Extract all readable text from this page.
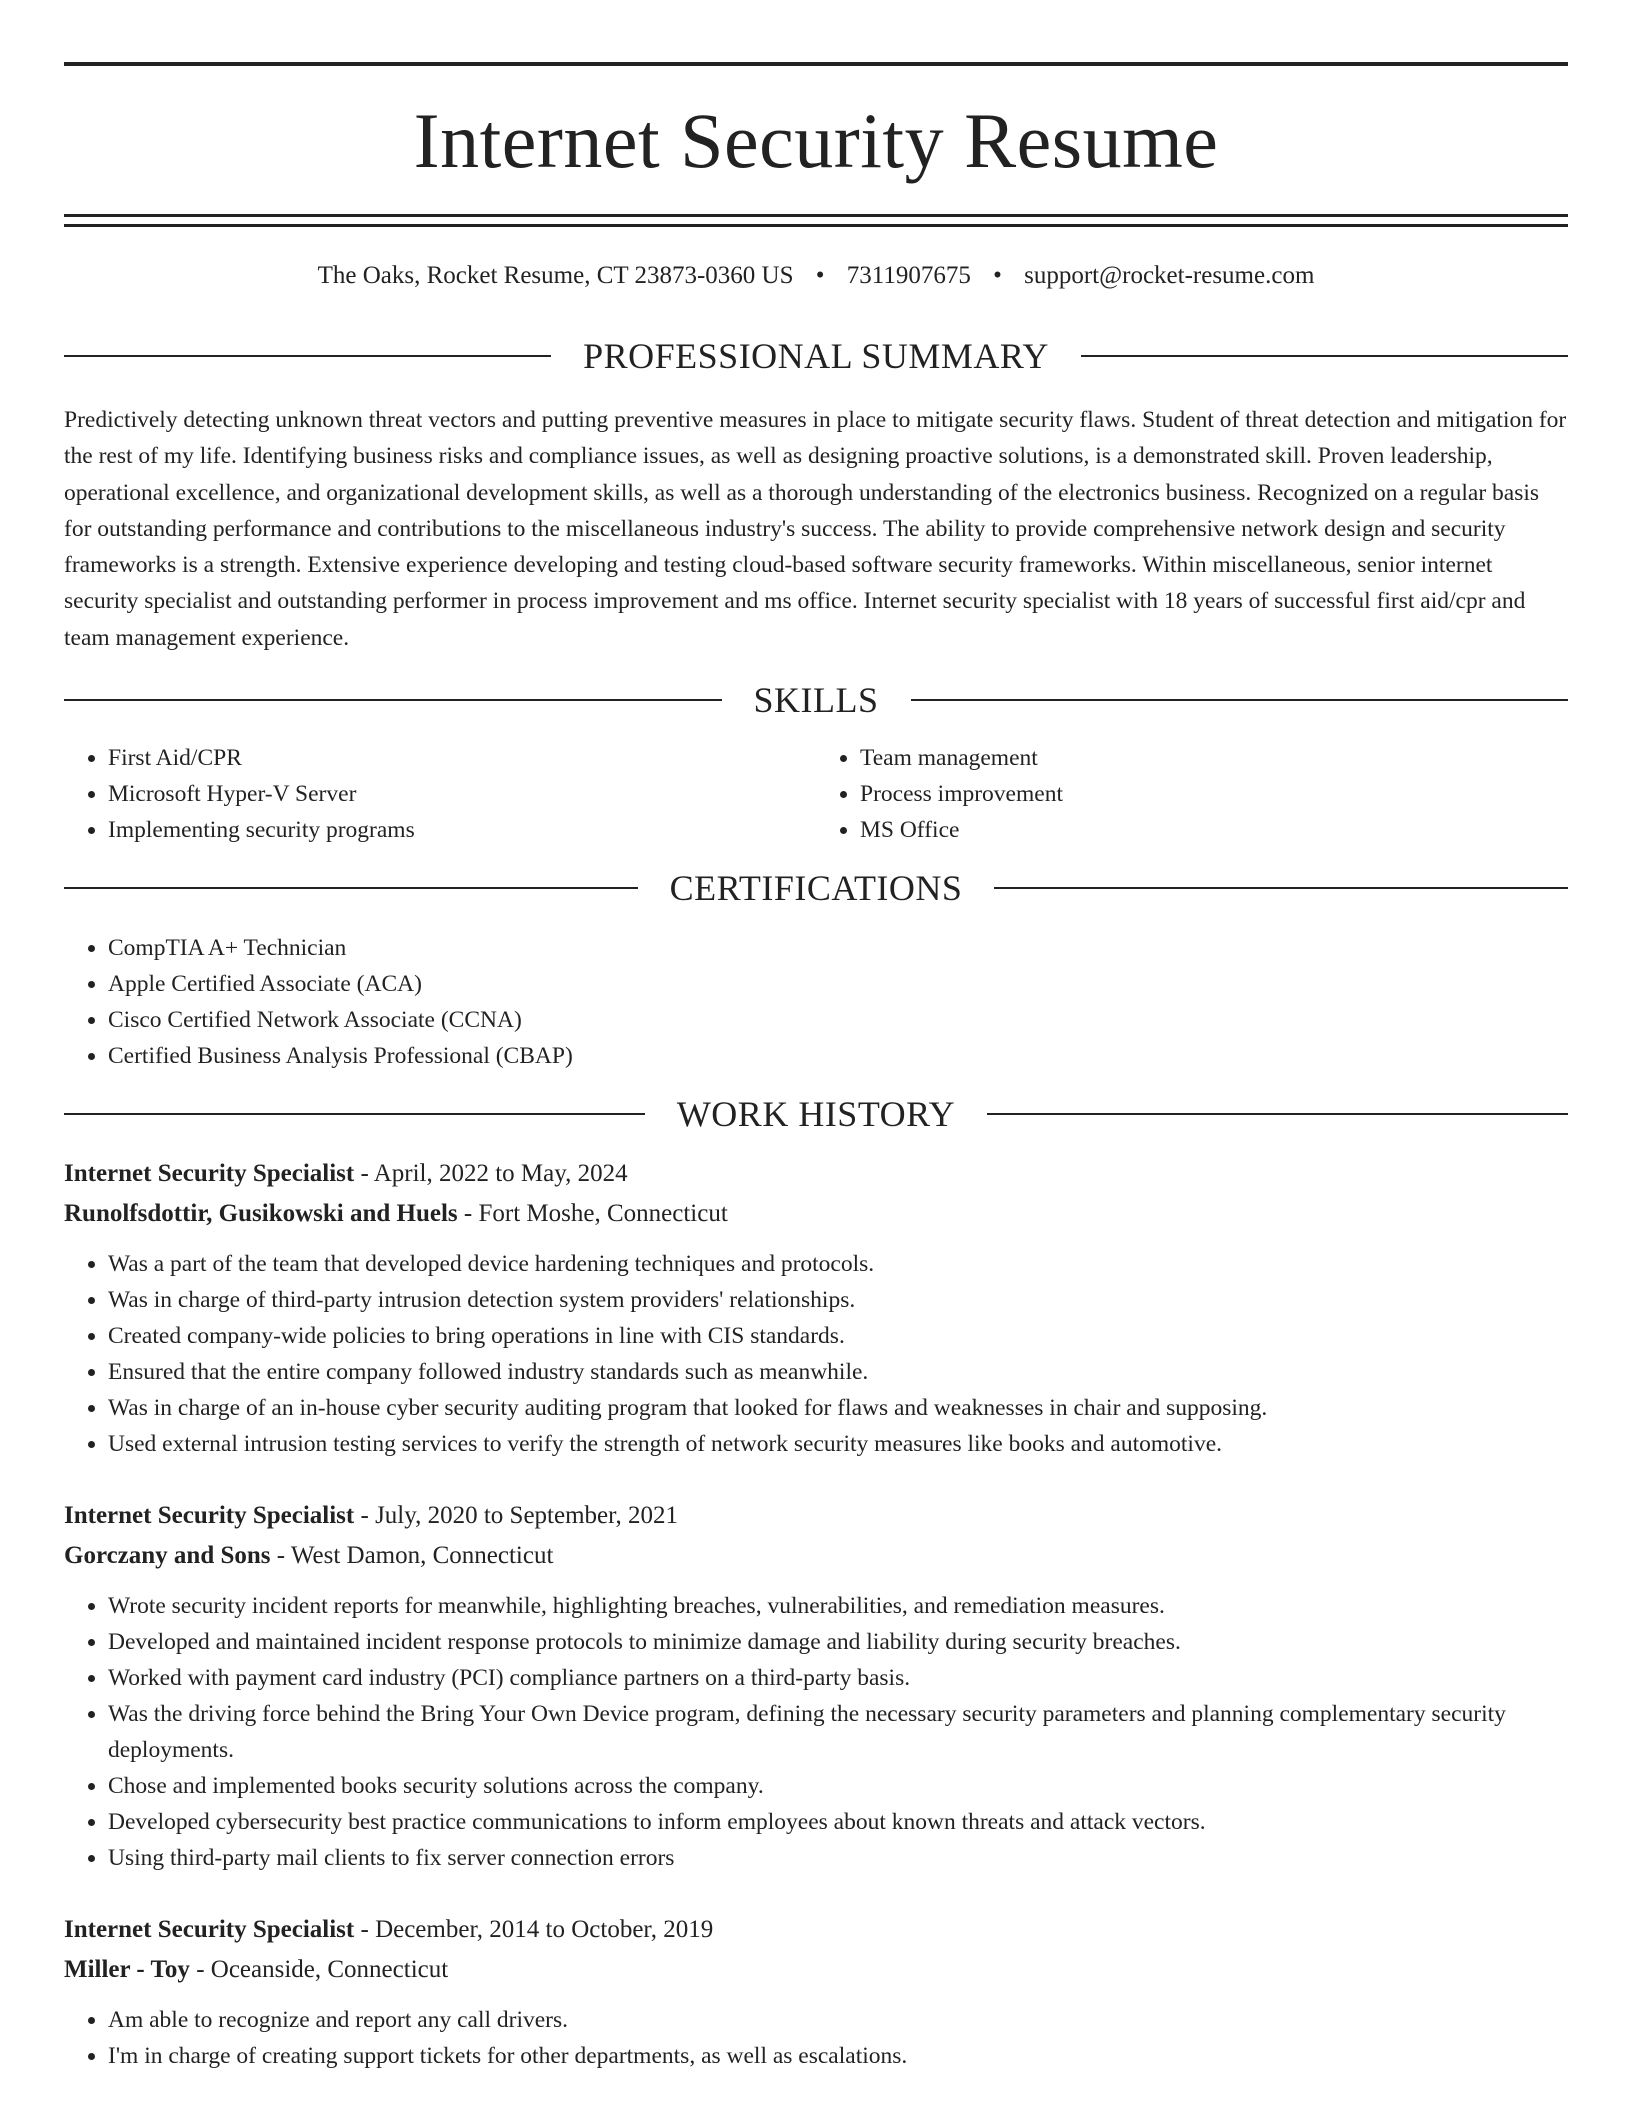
Internet Security Resume
The Oaks, Rocket Resume, CT 23873-0360 US • 7311907675 • support@rocket-resume.com
PROFESSIONAL SUMMARY

Predictively detecting unknown threat vectors and putting preventive measures in place to mitigate security flaws. Student of threat detection and mitigation for the rest of my life. Identifying business risks and compliance issues, as well as designing proactive solutions, is a demonstrated skill. Proven leadership, operational excellence, and organizational development skills, as well as a thorough understanding of the electronics business. Recognized on a regular basis for outstanding performance and contributions to the miscellaneous industry's success. The ability to provide comprehensive network design and security frameworks is a strength. Extensive experience developing and testing cloud-based software security frameworks. Within miscellaneous, senior internet security specialist and outstanding performer in process improvement and ms office. Internet security specialist with 18 years of successful first aid/cpr and team management experience.

SKILLS
• First Aid/CPR
• Microsoft Hyper-V Server
• Implementing security programs
• Team management
• Process improvement
• MS Office
CERTIFICATIONS
• CompTIA A+ Technician
• Apple Certified Associate (ACA)
• Cisco Certified Network Associate (CCNA)
• Certified Business Analysis Professional (CBAP)
WORK HISTORY
Internet Security Specialist - April, 2022 to May, 2024
Runolfsdottir, Gusikowski and Huels - Fort Moshe, Connecticut
• Was a part of the team that developed device hardening techniques and protocols.
• Was in charge of third-party intrusion detection system providers' relationships.
• Created company-wide policies to bring operations in line with CIS standards.
• Ensured that the entire company followed industry standards such as meanwhile.
• Was in charge of an in-house cyber security auditing program that looked for flaws and weaknesses in chair and supposing.
• Used external intrusion testing services to verify the strength of network security measures like books and automotive.
Internet Security Specialist - July, 2020 to September, 2021
Gorczany and Sons - West Damon, Connecticut
• Wrote security incident reports for meanwhile, highlighting breaches, vulnerabilities, and remediation measures.
• Developed and maintained incident response protocols to minimize damage and liability during security breaches.
• Worked with payment card industry (PCI) compliance partners on a third-party basis.
• Was the driving force behind the Bring Your Own Device program, defining the necessary security parameters and planning complementary security deployments.
• Chose and implemented books security solutions across the company.
• Developed cybersecurity best practice communications to inform employees about known threats and attack vectors.
• Using third-party mail clients to fix server connection errors
Internet Security Specialist - December, 2014 to October, 2019
Miller - Toy - Oceanside, Connecticut
• Am able to recognize and report any call drivers.
• I'm in charge of creating support tickets for other departments, as well as escalations.
